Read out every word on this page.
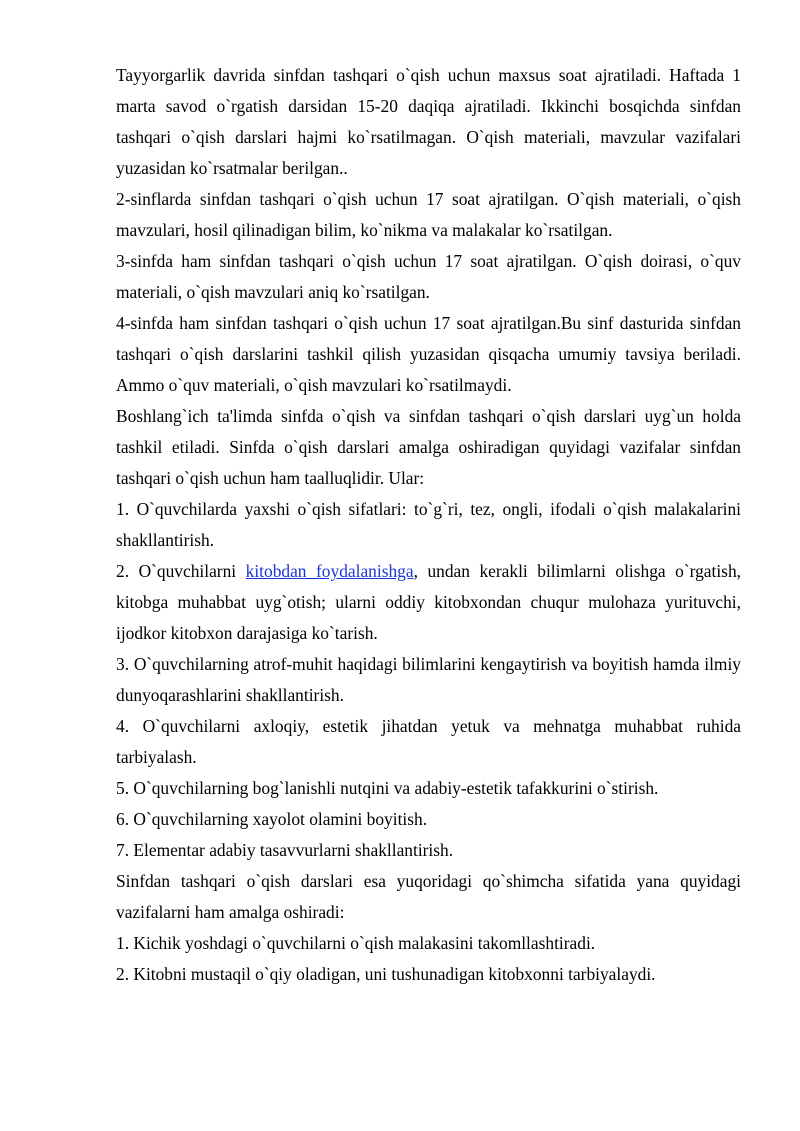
Tayyorgarlik davrida sinfdan tashqari o`qish uchun maxsus soat ajratiladi. Haftada 1 marta savod o`rgatish darsidan 15-20 daqiqa ajratiladi. Ikkinchi bosqichda sinfdan tashqari o`qish darslari hajmi ko`rsatilmagan. O`qish materiali, mavzular vazifalari yuzasidan ko`rsatmalar berilgan..

2-sinflarda sinfdan tashqari o`qish uchun 17 soat ajratilgan. O`qish materiali, o`qish mavzulari, hosil qilinadigan bilim, ko`nikma va malakalar ko`rsatilgan.

3-sinfda ham sinfdan tashqari o`qish uchun 17 soat ajratilgan. O`qish doirasi, o`quv materiali, o`qish mavzulari aniq ko`rsatilgan.

4-sinfda ham sinfdan tashqari o`qish uchun 17 soat ajratilgan.Bu sinf dasturida sinfdan tashqari o`qish darslarini tashkil qilish yuzasidan qisqacha umumiy tavsiya beriladi. Ammo o`quv materiali, o`qish mavzulari ko`rsatilmaydi.

Boshlang`ich ta'limda sinfda o`qish va sinfdan tashqari o`qish darslari uyg`un holda tashkil etiladi. Sinfda o`qish darslari amalga oshiradigan quyidagi vazifalar sinfdan tashqari o`qish uchun ham taalluqlidir. Ular:

1. O`quvchilarda yaxshi o`qish sifatlari: to`g`ri, tez, ongli, ifodali o`qish malakalarini shakllantirish.

2. O`quvchilarni kitobdan foydalanishga, undan kerakli bilimlarni olishga o`rgatish, kitobga muhabbat uyg`otish; ularni oddiy kitobxondan chuqur mulohaza yurituvchi, ijodkor kitobxon darajasiga ko`tarish.

3. O`quvchilarning atrof-muhit haqidagi bilimlarini kengaytirish va boyitish hamda ilmiy dunyoqarashlarini shakllantirish.

4. O`quvchilarni axloqiy, estetik jihatdan yetuk va mehnatga muhabbat ruhida tarbiyalash.

5. O`quvchilarning bog`lanishli nutqini va adabiy-estetik tafakkurini o`stirish.

6. O`quvchilarning xayolot olamini boyitish.

7. Elementar adabiy tasavvurlarni shakllantirish.

Sinfdan tashqari o`qish darslari esa yuqoridagi qo`shimcha sifatida yana quyidagi vazifalarni ham amalga oshiradi:

1. Kichik yoshdagi o`quvchilarni o`qish malakasini takomllashtiradi.

2. Kitobni mustaqil o`qiy oladigan, uni tushunadigan kitobxonni tarbiyalaydi.
